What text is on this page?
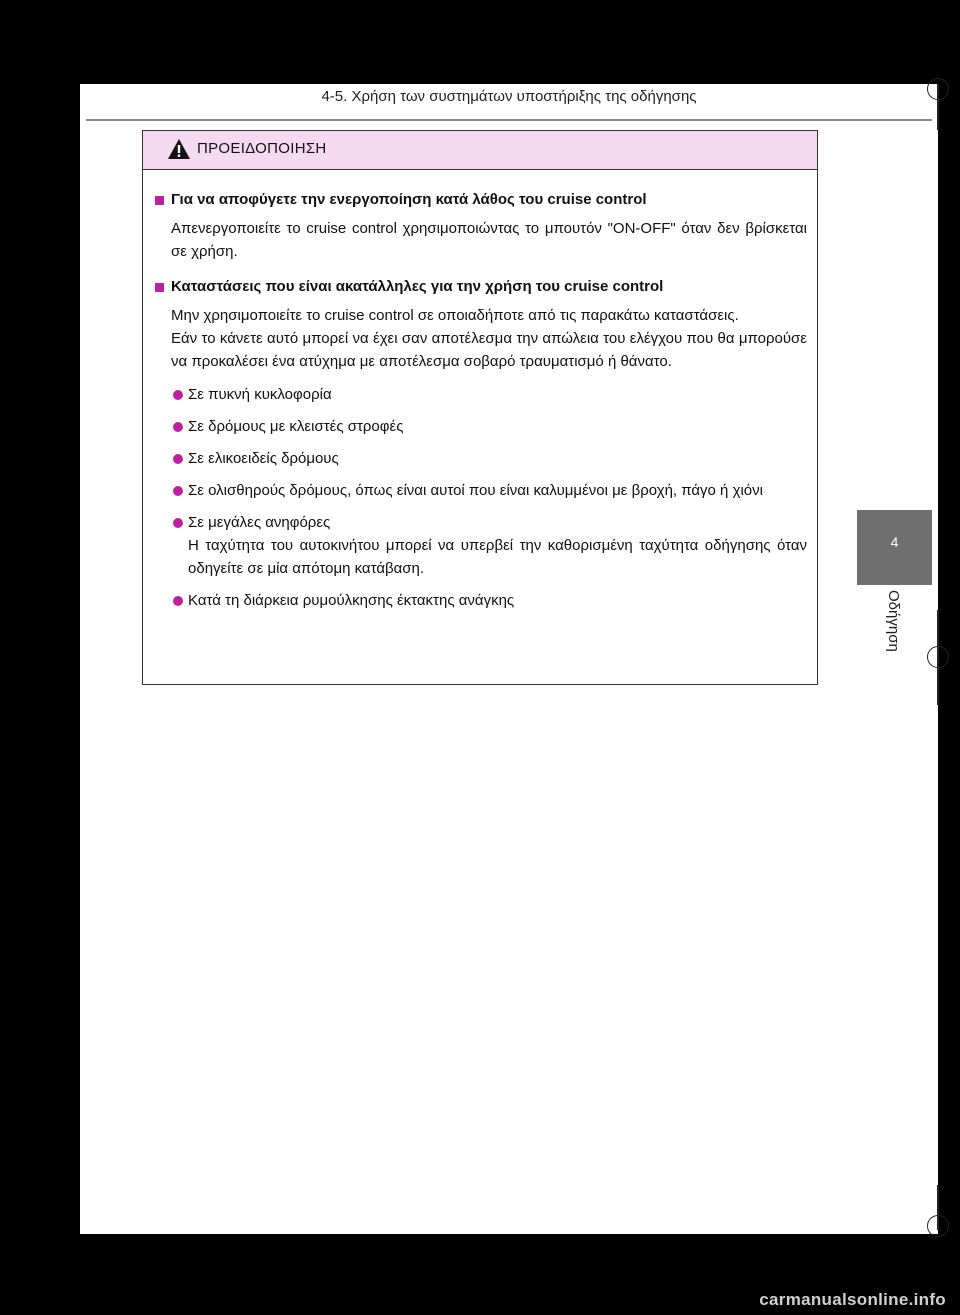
4-5. Χρήση των συστημάτων υποστήριξης της οδήγησης
ΠΡΟΕΙΔΟΠΟΙΗΣΗ
Για να αποφύγετε την ενεργοποίηση κατά λάθος του cruise control
Απενεργοποιείτε το cruise control χρησιμοποιώντας το μπουτόν "ON-OFF" όταν δεν βρίσκεται σε χρήση.
Καταστάσεις που είναι ακατάλληλες για την χρήση του cruise control
Μην χρησιμοποιείτε το cruise control σε οποιαδήποτε από τις παρακάτω καταστάσεις.
Εάν το κάνετε αυτό μπορεί να έχει σαν αποτέλεσμα την απώλεια του ελέγχου που θα μπορούσε να προκαλέσει ένα ατύχημα με αποτέλεσμα σοβαρό τραυματισμό ή θάνατο.
Σε πυκνή κυκλοφορία
Σε δρόμους με κλειστές στροφές
Σε ελικοειδείς δρόμους
Σε ολισθηρούς δρόμους, όπως είναι αυτοί που είναι καλυμμένοι με βροχή, πάγο ή χιόνι
Σε μεγάλες ανηφόρες
Η ταχύτητα του αυτοκινήτου μπορεί να υπερβεί την καθορισμένη ταχύτητα οδήγησης όταν οδηγείτε σε μία απότομη κατάβαση.
Κατά τη διάρκεια ρυμούλκησης έκτακτης ανάγκης
4
Οδήγηση
carmanualsonline.info
